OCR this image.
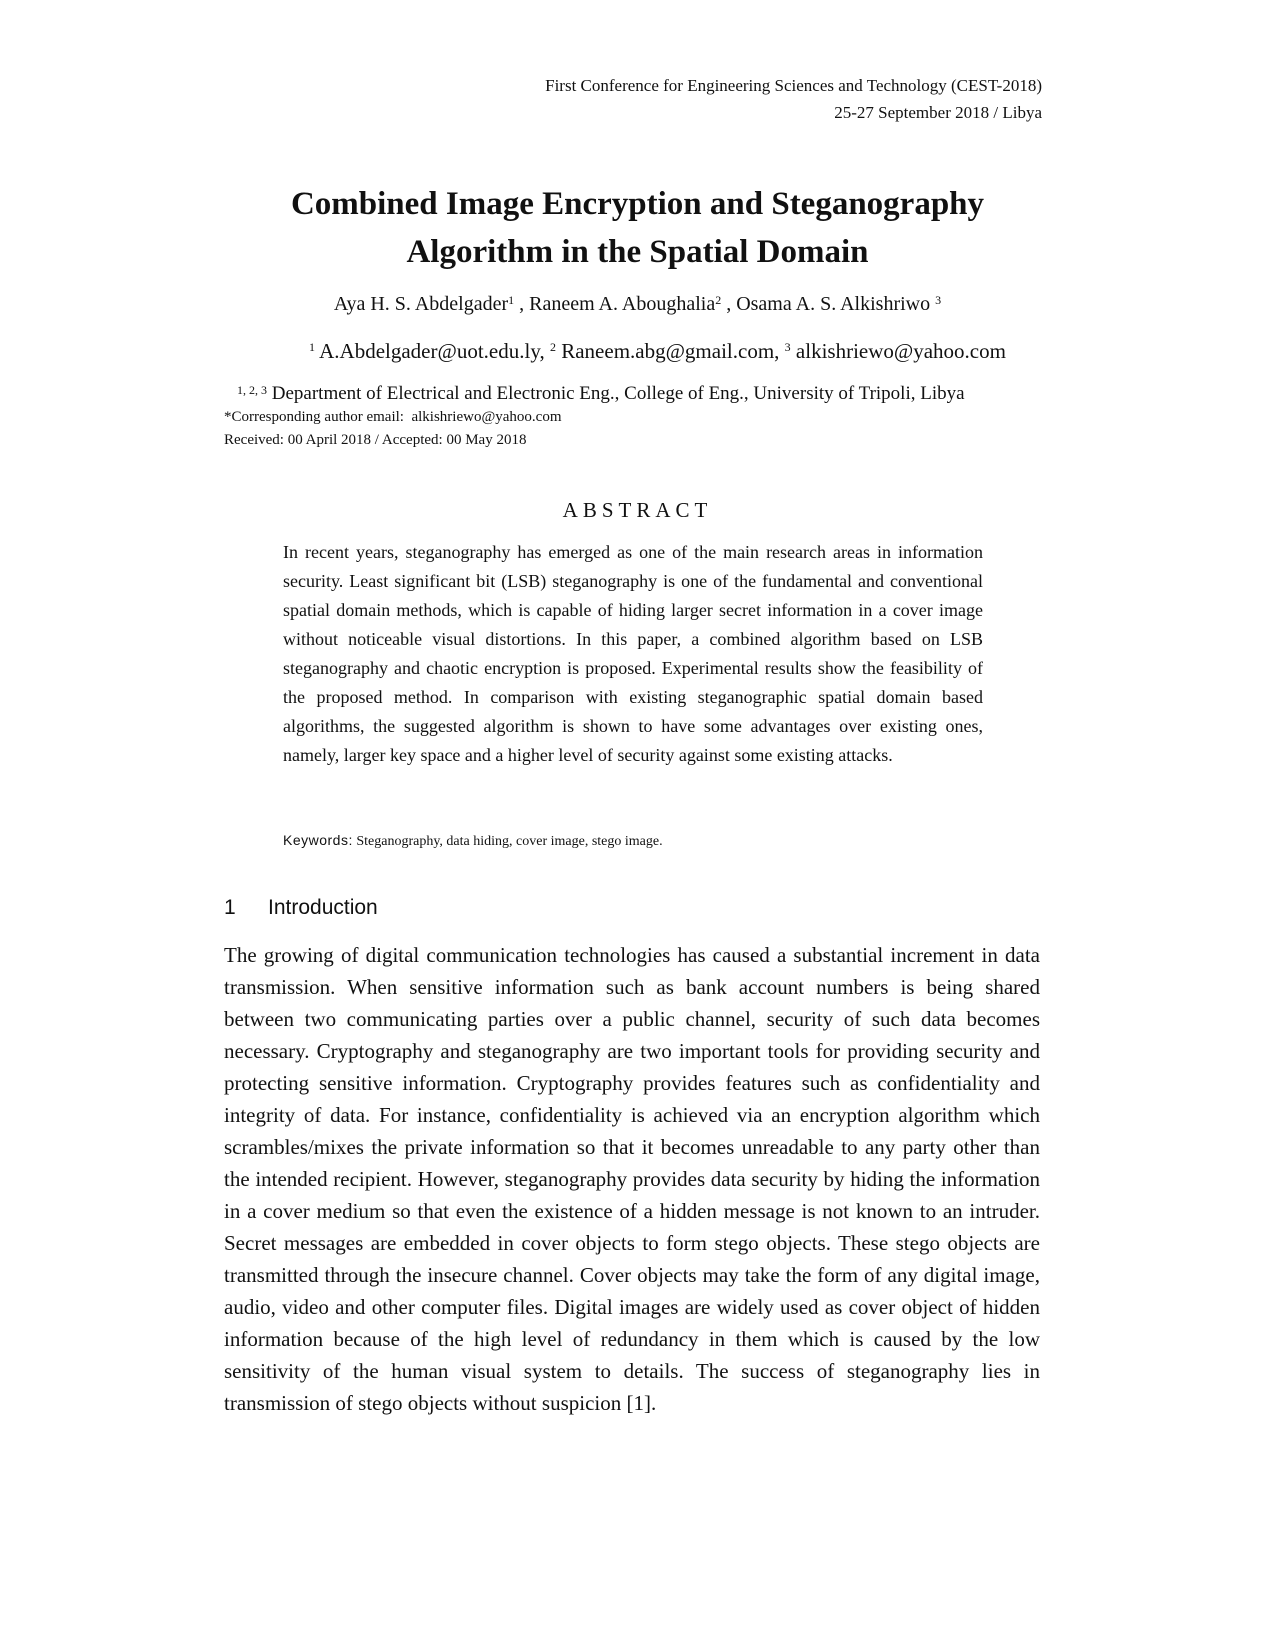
First Conference for Engineering Sciences and Technology (CEST-2018)
25-27 September 2018 / Libya
Combined Image Encryption and Steganography
Algorithm in the Spatial Domain
Aya H. S. Abdelgader$^1$ , Raneem A. Aboughalia$^2$ , Osama A. S. Alkishriwo $^3$
$^1$ A.Abdelgader@uot.edu.ly, $^2$ Raneem.abg@gmail.com, $^3$ alkishriewo@yahoo.com
$^{1, 2, 3}$ Department of Electrical and Electronic Eng., College of Eng., University of Tripoli, Libya
*Corresponding author email: alkishriewo@yahoo.com
Received: 00 April 2018 / Accepted: 00 May 2018
ABSTRACT
In recent years, steganography has emerged as one of the main research areas in information security. Least significant bit (LSB) steganography is one of the fundamental and conventional spatial domain methods, which is capable of hiding larger secret information in a cover image without noticeable visual distortions. In this paper, a combined algorithm based on LSB steganography and chaotic encryption is proposed. Experimental results show the feasibility of the proposed method. In comparison with existing steganographic spatial domain based algorithms, the suggested algorithm is shown to have some advantages over existing ones, namely, larger key space and a higher level of security against some existing attacks.
Keywords: Steganography, data hiding, cover image, stego image.
1 Introduction
The growing of digital communication technologies has caused a substantial increment in data transmission. When sensitive information such as bank account numbers is being shared between two communicating parties over a public channel, security of such data becomes necessary. Cryptography and steganography are two important tools for providing security and protecting sensitive information. Cryptography provides features such as confidentiality and integrity of data. For instance, confidentiality is achieved via an encryption algorithm which scrambles/mixes the private information so that it becomes unreadable to any party other than the intended recipient. However, steganography provides data security by hiding the information in a cover medium so that even the existence of a hidden message is not known to an intruder. Secret messages are embedded in cover objects to form stego objects. These stego objects are transmitted through the insecure channel. Cover objects may take the form of any digital image, audio, video and other computer files. Digital images are widely used as cover object of hidden information because of the high level of redundancy in them which is caused by the low sensitivity of the human visual system to details. The success of steganography lies in transmission of stego objects without suspicion [1].
